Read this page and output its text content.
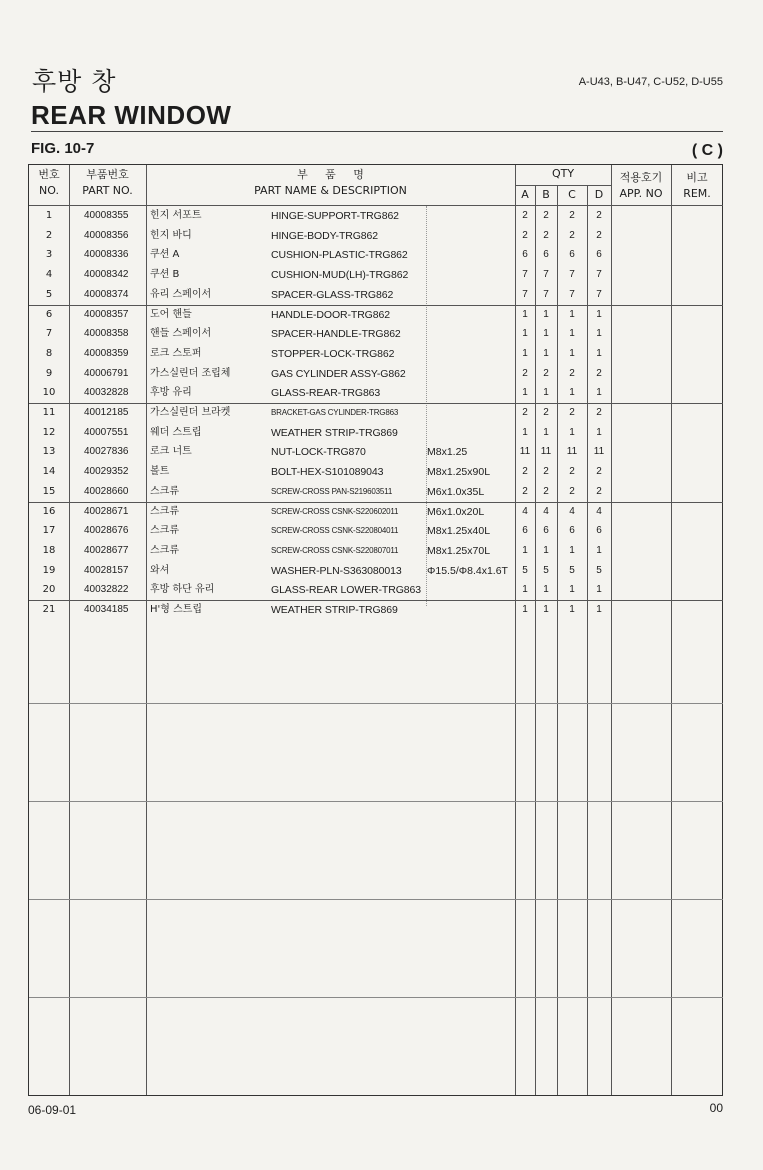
후방 창
REAR WINDOW
A-U43, B-U47, C-U52, D-U55
FIG. 10-7	( C )
번호
NO.
부품번호
PART NO.
부     품     명
PART NAME & DESCRIPTION
QTY
A	B	C	D
적용호기
APP. NO
비고
REM.
1	40008355	힌지 서포트	HINGE-SUPPORT-TRG862	2	2	2	2
2	40008356	힌지 바디	HINGE-BODY-TRG862	2	2	2	2
3	40008336	쿠션 A	CUSHION-PLASTIC-TRG862	6	6	6	6
4	40008342	쿠션 B	CUSHION-MUD(LH)-TRG862	7	7	7	7
5	40008374	유리 스페이서	SPACER-GLASS-TRG862	7	7	7	7
6	40008357	도어 핸들	HANDLE-DOOR-TRG862	1	1	1	1
7	40008358	핸들 스페이서	SPACER-HANDLE-TRG862	1	1	1	1
8	40008359	로크 스토퍼	STOPPER-LOCK-TRG862	1	1	1	1
9	40006791	가스실린더 조립체	GAS CYLINDER ASSY-G862	2	2	2	2
10	40032828	후방 유리	GLASS-REAR-TRG863	1	1	1	1
11	40012185	가스실린더 브라켓	BRACKET-GAS CYLINDER-TRG863	2	2	2	2
12	40007551	웨더 스트립	WEATHER STRIP-TRG869	1	1	1	1
13	40027836	로크 너트	NUT-LOCK-TRG870	M8x1.25	11	11	11	11
14	40029352	볼트	BOLT-HEX-S101089043	M8x1.25x90L	2	2	2	2
15	40028660	스크류	SCREW-CROSS PAN-S219603511	M6x1.0x35L	2	2	2	2
16	40028671	스크류	SCREW-CROSS CSNK-S220602011	M6x1.0x20L	4	4	4	4
17	40028676	스크류	SCREW-CROSS CSNK-S220804011	M8x1.25x40L	6	6	6	6
18	40028677	스크류	SCREW-CROSS CSNK-S220807011	M8x1.25x70L	1	1	1	1
19	40028157	와셔	WASHER-PLN-S363080013	Φ15.5/Φ8.4x1.6T	5	5	5	5
20	40032822	후방 하단 유리	GLASS-REAR LOWER-TRG863	1	1	1	1
21	40034185	H'형 스트립	WEATHER STRIP-TRG869	1	1	1	1
06-09-01	00
